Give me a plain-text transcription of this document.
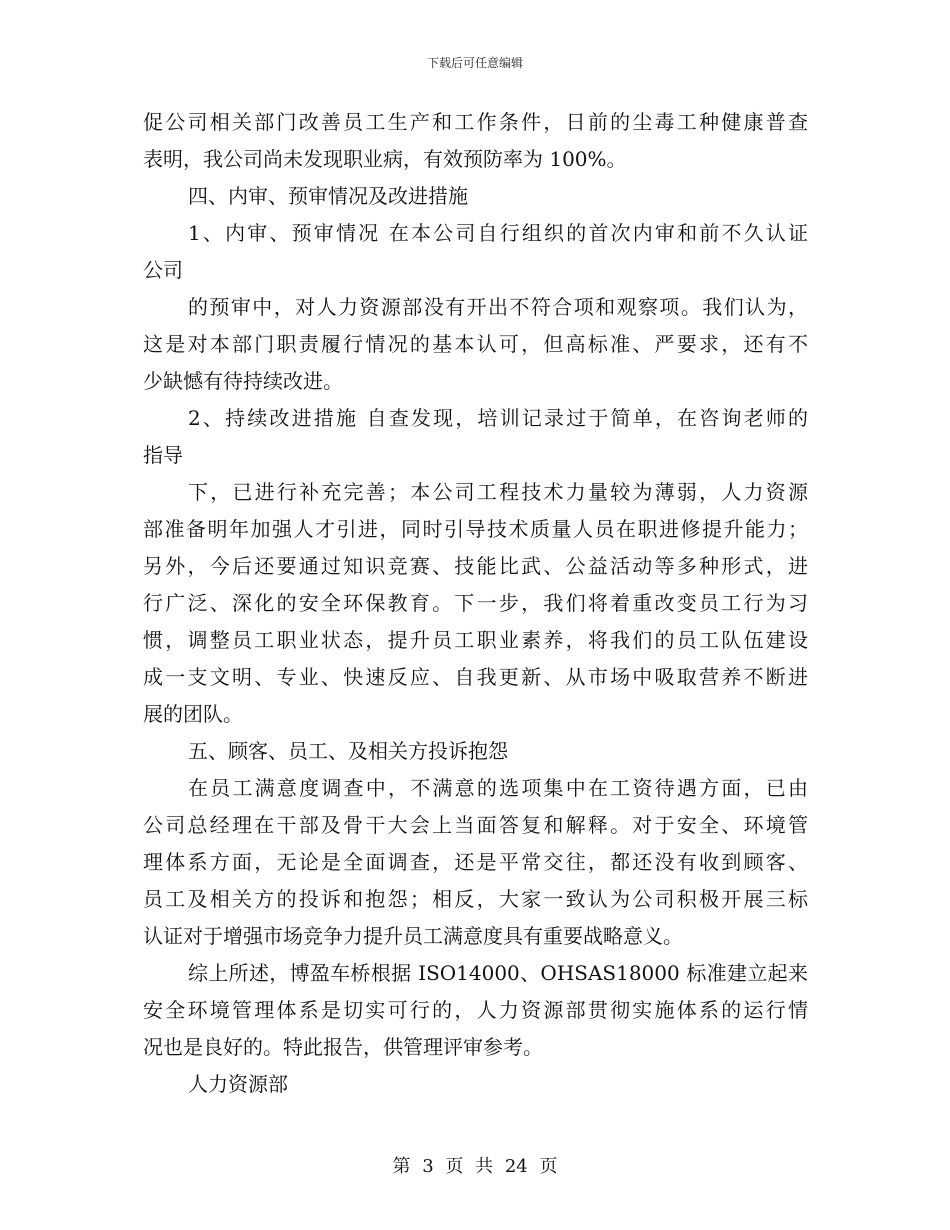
下载后可任意编辑
促公司相关部门改善员工生产和工作条件，日前的尘毒工种健康普查
表明，我公司尚未发现职业病，有效预防率为 100%。
四、内审、预审情况及改进措施
1、内审、预审情况 在本公司自行组织的首次内审和前不久认证
公司
的预审中，对人力资源部没有开出不符合项和观察项。我们认为，
这是对本部门职责履行情况的基本认可，但高标准、严要求，还有不
少缺憾有待持续改进。
2、持续改进措施 自查发现，培训记录过于简单，在咨询老师的
指导
下，已进行补充完善；本公司工程技术力量较为薄弱，人力资源
部准备明年加强人才引进，同时引导技术质量人员在职进修提升能力；
另外，今后还要通过知识竞赛、技能比武、公益活动等多种形式，进
行广泛、深化的安全环保教育。下一步，我们将着重改变员工行为习
惯，调整员工职业状态，提升员工职业素养，将我们的员工队伍建设
成一支文明、专业、快速反应、自我更新、从市场中吸取营养不断进
展的团队。
五、顾客、员工、及相关方投诉抱怨
在员工满意度调查中，不满意的选项集中在工资待遇方面，已由
公司总经理在干部及骨干大会上当面答复和解释。对于安全、环境管
理体系方面，无论是全面调查，还是平常交往，都还没有收到顾客、
员工及相关方的投诉和抱怨；相反，大家一致认为公司积极开展三标
认证对于增强市场竞争力提升员工满意度具有重要战略意义。
综上所述，博盈车桥根据 ISO14000、OHSAS18000 标准建立起来
安全环境管理体系是切实可行的，人力资源部贯彻实施体系的运行情
况也是良好的。特此报告，供管理评审参考。
人力资源部
第 3 页 共 24 页
